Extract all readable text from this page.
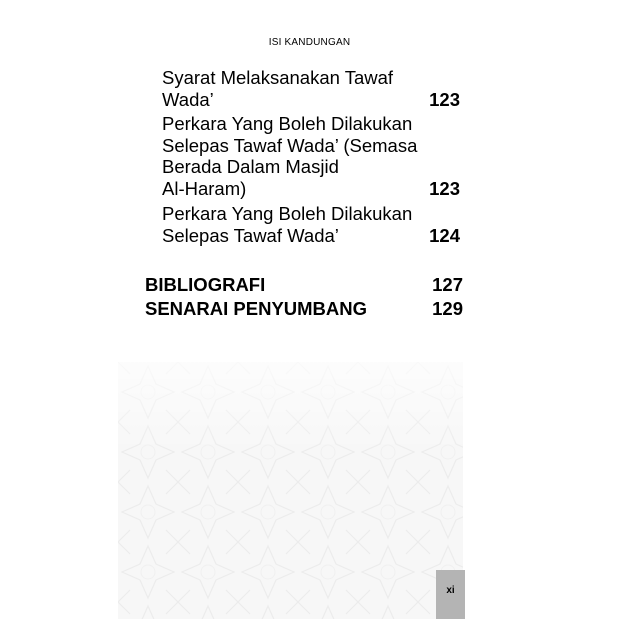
ISI KANDUNGAN
Syarat Melaksanakan Tawaf
Wada’	123
Perkara Yang Boleh Dilakukan
Selepas Tawaf Wada’ (Semasa
Berada Dalam Masjid
Al-Haram)	123
Perkara Yang Boleh Dilakukan
Selepas Tawaf Wada’	124
BIBLIOGRAFI	127
SENARAI PENYUMBANG	129
xi
